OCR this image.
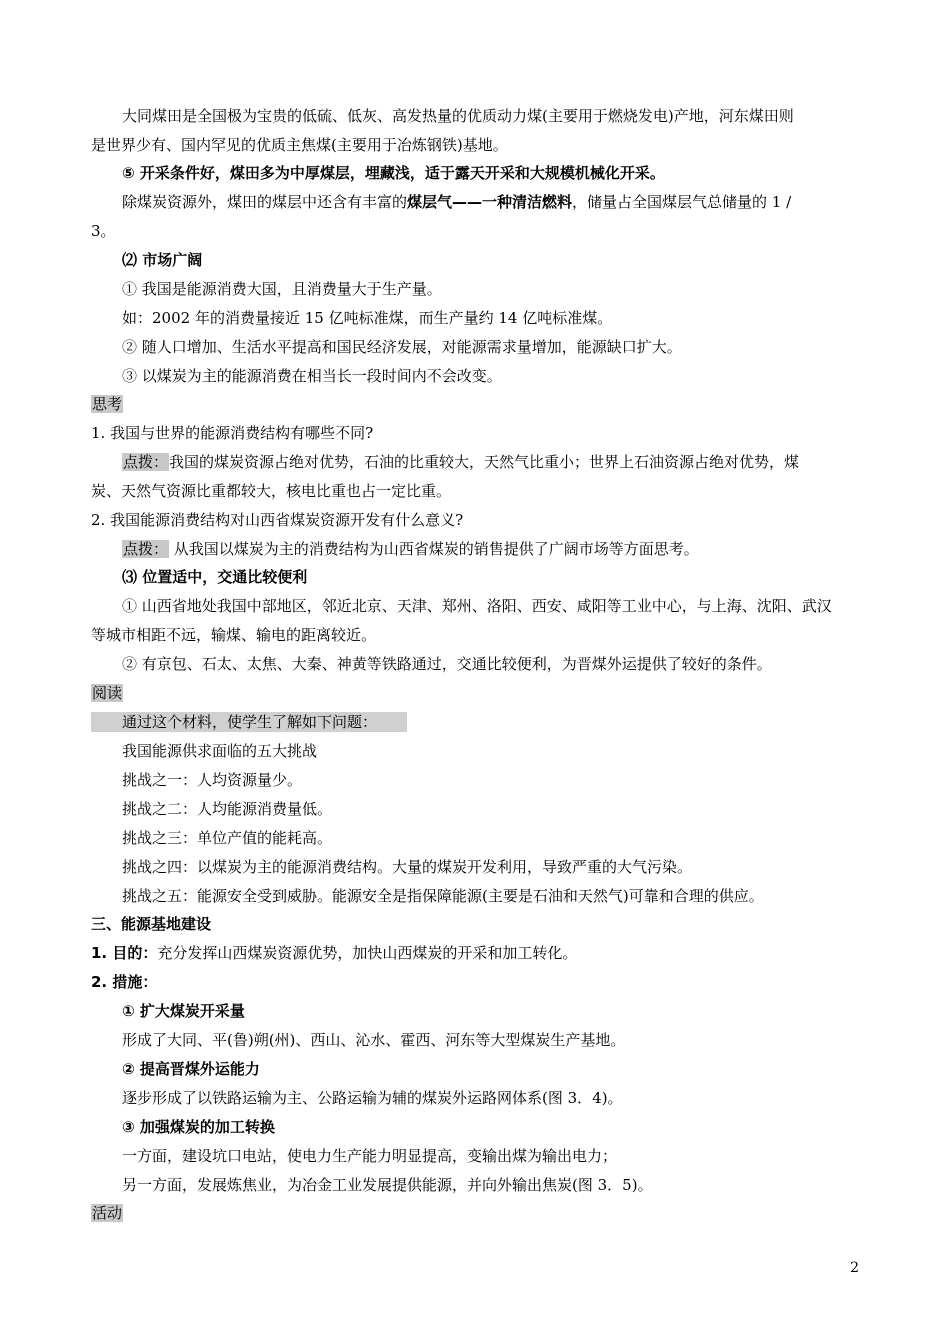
大同煤田是全国极为宝贵的低硫、低灰、高发热量的优质动力煤(主要用于燃烧发电)产地，河东煤田则
是世界少有、国内罕见的优质主焦煤(主要用于冶炼钢铁)基地。
⑤ 开采条件好，煤田多为中厚煤层，埋藏浅，适于露天开采和大规模机械化开采。
除煤炭资源外，煤田的煤层中还含有丰富的煤层气——一种清洁燃料，储量占全国煤层气总储量的 1 /
3。
⑵ 市场广阔
① 我国是能源消费大国，且消费量大于生产量。
如：2002 年的消费量接近 15 亿吨标准煤，而生产量约 14 亿吨标准煤。
② 随人口增加、生活水平提高和国民经济发展，对能源需求量增加，能源缺口扩大。
③ 以煤炭为主的能源消费在相当长一段时间内不会改变。
思考
1. 我国与世界的能源消费结构有哪些不同?
点拨：我国的煤炭资源占绝对优势，石油的比重较大，天然气比重小；世界上石油资源占绝对优势，煤
炭、天然气资源比重都较大，核电比重也占一定比重。
2. 我国能源消费结构对山西省煤炭资源开发有什么意义?
点拨： 从我国以煤炭为主的消费结构为山西省煤炭的销售提供了广阔市场等方面思考。
⑶ 位置适中，交通比较便利
① 山西省地处我国中部地区，邻近北京、天津、郑州、洛阳、西安、咸阳等工业中心，与上海、沈阳、武汉
等城市相距不远，输煤、输电的距离较近。
② 有京包、石太、太焦、大秦、神黄等铁路通过，交通比较便利，为晋煤外运提供了较好的条件。
阅读
通过这个材料，使学生了解如下问题：
我国能源供求面临的五大挑战
挑战之一：人均资源量少。
挑战之二：人均能源消费量低。
挑战之三：单位产值的能耗高。
挑战之四：以煤炭为主的能源消费结构。大量的煤炭开发利用，导致严重的大气污染。
挑战之五：能源安全受到威胁。能源安全是指保障能源(主要是石油和天然气)可靠和合理的供应。
三、能源基地建设
1. 目的：充分发挥山西煤炭资源优势，加快山西煤炭的开采和加工转化。
2. 措施：
① 扩大煤炭开采量
形成了大同、平(鲁)朔(州)、西山、沁水、霍西、河东等大型煤炭生产基地。
② 提高晋煤外运能力
逐步形成了以铁路运输为主、公路运输为辅的煤炭外运路网体系(图 3．4)。
③ 加强煤炭的加工转换
一方面，建设坑口电站，使电力生产能力明显提高，变输出煤为输出电力；
另一方面，发展炼焦业，为冶金工业发展提供能源，并向外输出焦炭(图 3．5)。
活动
2
